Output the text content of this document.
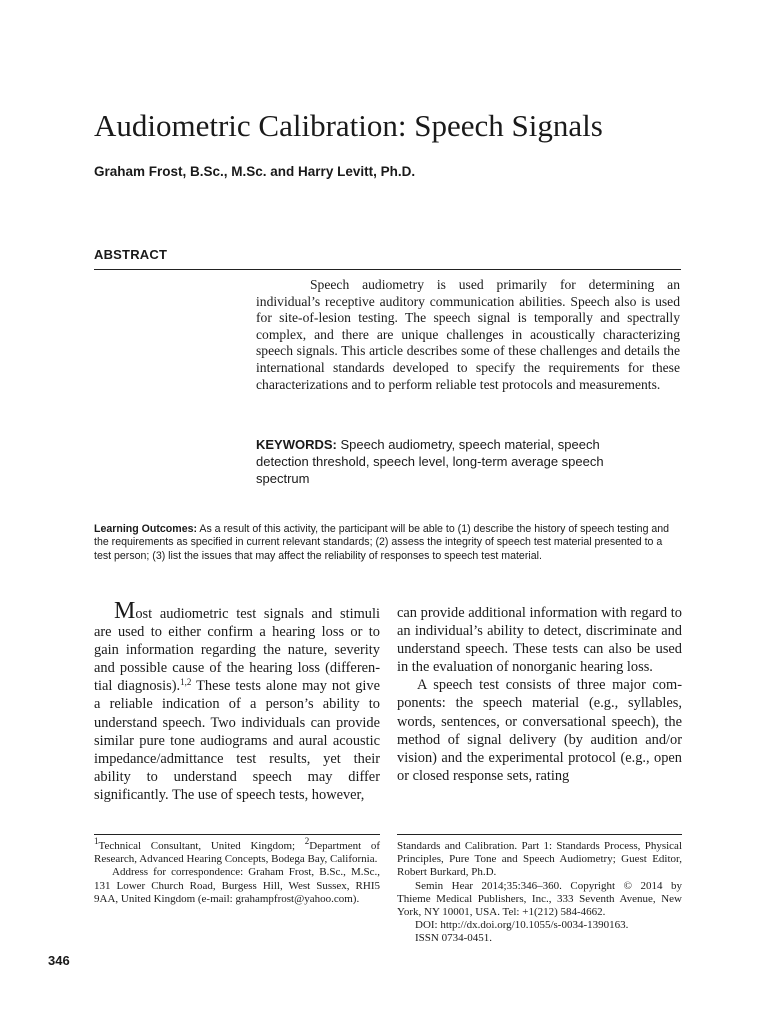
Audiometric Calibration: Speech Signals
Graham Frost, B.Sc., M.Sc. and Harry Levitt, Ph.D.
ABSTRACT

Speech audiometry is used primarily for determining an individual’s receptive auditory communication abilities. Speech also is used for site-of-lesion testing. The speech signal is temporally and spectrally complex, and there are unique challenges in acoustically characterizing speech signals. This article describes some of these challenges and details the international standards developed to specify the requirements for these characterizations and to perform reliable test protocols and measurements.

KEYWORDS: Speech audiometry, speech material, speech detection threshold, speech level, long-term average speech spectrum
Learning Outcomes: As a result of this activity, the participant will be able to (1) describe the history of speech testing and the requirements as specified in current relevant standards; (2) assess the integrity of speech test material presented to a test person; (3) list the issues that may affect the reliability of responses to speech test material.

Most audiometric test signals and stimuli are used to either confirm a hearing loss or to gain information regarding the nature, severity and possible cause of the hearing loss (differential diagnosis).$^{1,2}$ These tests alone may not give a reliable indication of a person’s ability to understand speech. Two individuals can provide similar pure tone audiograms and aural acoustic impedance/admittance test results, yet their ability to understand speech may differ significantly. The use of speech tests, however,

can provide additional information with regard to an individual’s ability to detect, discriminate and understand speech. These tests can also be used in the evaluation of nonorganic hearing loss.

A speech test consists of three major components: the speech material (e.g., syllables, words, sentences, or conversational speech), the method of signal delivery (by audition and/or vision) and the experimental protocol (e.g., open or closed response sets, rating

$^1$Technical Consultant, United Kingdom; $^2$Department of Research, Advanced Hearing Concepts, Bodega Bay, California.

Address for correspondence: Graham Frost, B.Sc., M.Sc., 131 Lower Church Road, Burgess Hill, West Sussex, RHI5 9AA, United Kingdom (e-mail: grahampfrost@yahoo.com).

Standards and Calibration. Part 1: Standards Process, Physical Principles, Pure Tone and Speech Audiometry; Guest Editor, Robert Burkard, Ph.D.

Semin Hear 2014;35:346–360. Copyright © 2014 by Thieme Medical Publishers, Inc., 333 Seventh Avenue, New York, NY 10001, USA. Tel: +1(212) 584-4662.

DOI: http://dx.doi.org/10.1055/s-0034-1390163.

ISSN 0734-0451.

346
